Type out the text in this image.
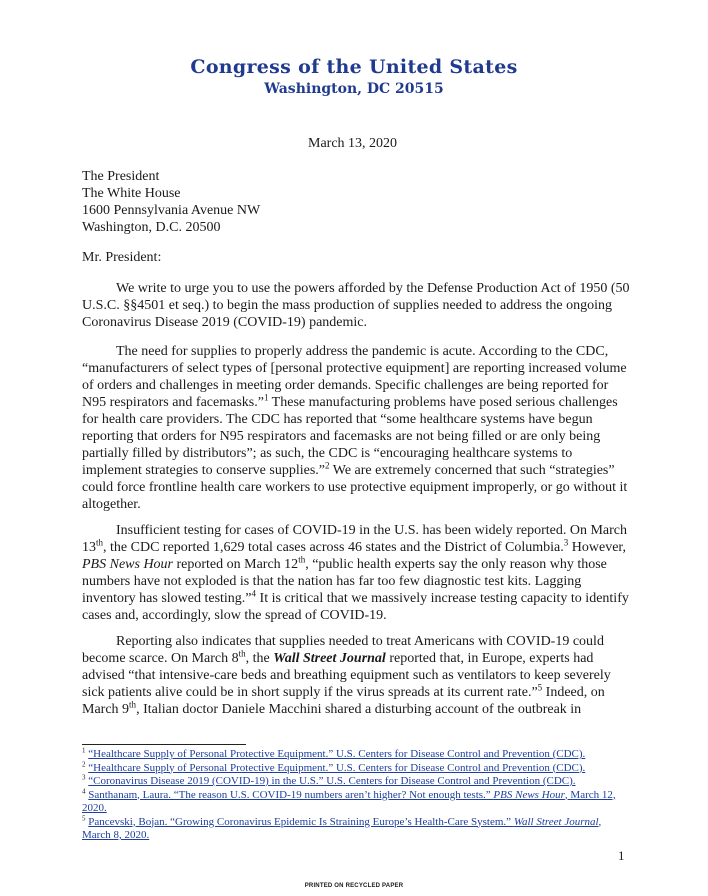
Congress of the United States
Washington, DC 20515
March 13, 2020
The President
The White House
1600 Pennsylvania Avenue NW
Washington, D.C. 20500
Mr. President:

We write to urge you to use the powers afforded by the Defense Production Act of 1950 (50 U.S.C. §§4501 et seq.) to begin the mass production of supplies needed to address the ongoing Coronavirus Disease 2019 (COVID-19) pandemic.

The need for supplies to properly address the pandemic is acute. According to the CDC, “manufacturers of select types of [personal protective equipment] are reporting increased volume of orders and challenges in meeting order demands. Specific challenges are being reported for N95 respirators and facemasks.”$^1$ These manufacturing problems have posed serious challenges for health care providers. The CDC has reported that “some healthcare systems have begun reporting that orders for N95 respirators and facemasks are not being filled or are only being partially filled by distributors”; as such, the CDC is “encouraging healthcare systems to implement strategies to conserve supplies.”$^2$ We are extremely concerned that such “strategies” could force frontline health care workers to use protective equipment improperly, or go without it altogether.

Insufficient testing for cases of COVID-19 in the U.S. has been widely reported. On March 13th, the CDC reported 1,629 total cases across 46 states and the District of Columbia.$^3$ However, PBS News Hour reported on March 12th, “public health experts say the only reason why those numbers have not exploded is that the nation has far too few diagnostic test kits. Lagging inventory has slowed testing.”$^4$ It is critical that we massively increase testing capacity to identify cases and, accordingly, slow the spread of COVID-19.

Reporting also indicates that supplies needed to treat Americans with COVID-19 could become scarce. On March 8th, the Wall Street Journal reported that, in Europe, experts had advised “that intensive-care beds and breathing equipment such as ventilators to keep severely sick patients alive could be in short supply if the virus spreads at its current rate.”$^5$ Indeed, on March 9th, Italian doctor Daniele Macchini shared a disturbing account of the outbreak in

$^1$ “Healthcare Supply of Personal Protective Equipment.” U.S. Centers for Disease Control and Prevention (CDC).

$^2$ “Healthcare Supply of Personal Protective Equipment.” U.S. Centers for Disease Control and Prevention (CDC).

$^3$ “Coronavirus Disease 2019 (COVID-19) in the U.S.” U.S. Centers for Disease Control and Prevention (CDC).

$^4$ Santhanam, Laura. “The reason U.S. COVID-19 numbers aren’t higher? Not enough tests.” PBS News Hour, March 12, 2020.

$^5$ Pancevski, Bojan. “Growing Coronavirus Epidemic Is Straining Europe’s Health-Care System.” Wall Street Journal, March 8, 2020.

1
PRINTED ON RECYCLED PAPER
